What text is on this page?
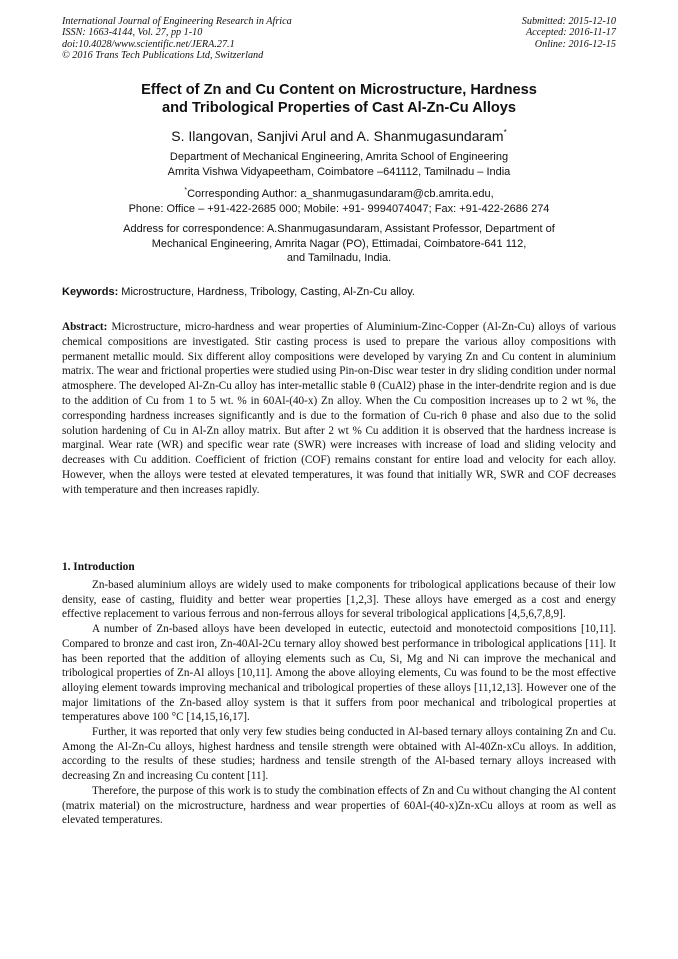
International Journal of Engineering Research in Africa
ISSN: 1663-4144, Vol. 27, pp 1-10
doi:10.4028/www.scientific.net/JERA.27.1
© 2016 Trans Tech Publications Ltd, Switzerland
Submitted: 2015-12-10
Accepted: 2016-11-17
Online: 2016-12-15
Effect of Zn and Cu Content on Microstructure, Hardness
and Tribological Properties of Cast Al-Zn-Cu Alloys
S. Ilangovan, Sanjivi Arul and A. Shanmugasundaram*
Department of Mechanical Engineering, Amrita School of Engineering
Amrita Vishwa Vidyapeetham, Coimbatore –641112, Tamilnadu – India
*Corresponding Author: a_shanmugasundaram@cb.amrita.edu,
Phone: Office – +91-422-2685 000; Mobile: +91- 9994074047; Fax: +91-422-2686 274
Address for correspondence: A.Shanmugasundaram, Assistant Professor, Department of
Mechanical Engineering, Amrita Nagar (PO), Ettimadai, Coimbatore-641 112,
and Tamilnadu, India.
Keywords: Microstructure, Hardness, Tribology, Casting, Al-Zn-Cu alloy.

Abstract: Microstructure, micro-hardness and wear properties of Aluminium-Zinc-Copper (Al-Zn-Cu) alloys of various chemical compositions are investigated. Stir casting process is used to prepare the various alloy compositions with permanent metallic mould. Six different alloy compositions were developed by varying Zn and Cu content in aluminium matrix. The wear and frictional properties were studied using Pin-on-Disc wear tester in dry sliding condition under normal atmosphere. The developed Al-Zn-Cu alloy has inter-metallic stable θ (CuAl2) phase in the inter-dendrite region and is due to the addition of Cu from 1 to 5 wt. % in 60Al-(40-x) Zn alloy. When the Cu composition increases up to 2 wt %, the corresponding hardness increases significantly and is due to the formation of Cu-rich θ phase and also due to the solid solution hardening of Cu in Al-Zn alloy matrix. But after 2 wt % Cu addition it is observed that the hardness increase is marginal. Wear rate (WR) and specific wear rate (SWR) were increases with increase of load and sliding velocity and decreases with Cu addition. Coefficient of friction (COF) remains constant for entire load and velocity for each alloy. However, when the alloys were tested at elevated temperatures, it was found that initially WR, SWR and COF decreases with temperature and then increases rapidly.

1. Introduction

Zn-based aluminium alloys are widely used to make components for tribological applications because of their low density, ease of casting, fluidity and better wear properties [1,2,3]. These alloys have emerged as a cost and energy effective replacement to various ferrous and non-ferrous alloys for several tribological applications [4,5,6,7,8,9].

A number of Zn-based alloys have been developed in eutectic, eutectoid and monotectoid compositions [10,11]. Compared to bronze and cast iron, Zn-40Al-2Cu ternary alloy showed best performance in tribological applications [11]. It has been reported that the addition of alloying elements such as Cu, Si, Mg and Ni can improve the mechanical and tribological properties of Zn-Al alloys [10,11]. Among the above alloying elements, Cu was found to be the most effective alloying element towards improving mechanical and tribological properties of these alloys [11,12,13]. However one of the major limitations of the Zn-based alloy system is that it suffers from poor mechanical and tribological properties at temperatures above 100 °C [14,15,16,17].

Further, it was reported that only very few studies being conducted in Al-based ternary alloys containing Zn and Cu. Among the Al-Zn-Cu alloys, highest hardness and tensile strength were obtained with Al-40Zn-xCu alloys. In addition, according to the results of these studies; hardness and tensile strength of the Al-based ternary alloys increased with decreasing Zn and increasing Cu content [11].

Therefore, the purpose of this work is to study the combination effects of Zn and Cu without changing the Al content (matrix material) on the microstructure, hardness and wear properties of 60Al-(40-x)Zn-xCu alloys at room as well as elevated temperatures.
